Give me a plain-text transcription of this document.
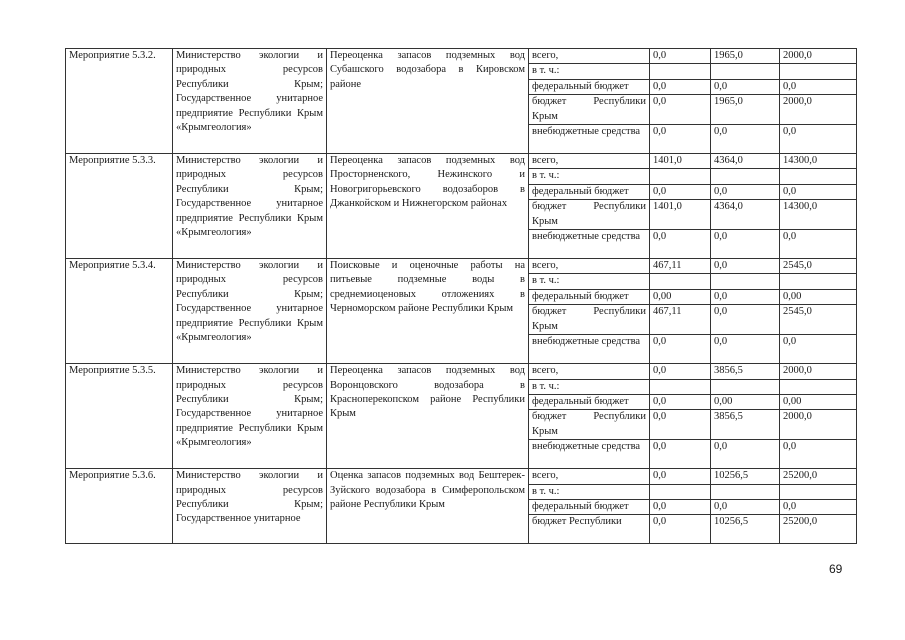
Мероприятие 5.3.2.	Министерство экологии и природных ресурсов Республики Крым; Государственное унитарное предприятие Республики Крым «Крымгеология»	Переоценка запасов подземных вод Субашского водозабора в Кировском районе	всего,	0,0	1965,0	2000,0
			в т. ч.:			
			федеральный бюджет	0,0	0,0	0,0
			бюджет Республики Крым	0,0	1965,0	2000,0
			внебюджетные средства	0,0	0,0	0,0
Мероприятие 5.3.3.	Министерство экологии и природных ресурсов Республики Крым; Государственное унитарное предприятие Республики Крым «Крымгеология»	Переоценка запасов подземных вод Просторненского, Нежинского и Новогригорьевского водозаборов в Джанкойском и Нижнегорском районах	всего,	1401,0	4364,0	14300,0
			в т. ч.:			
			федеральный бюджет	0,0	0,0	0,0
			бюджет Республики Крым	1401,0	4364,0	14300,0
			внебюджетные средства	0,0	0,0	0,0
Мероприятие 5.3.4.	Министерство экологии и природных ресурсов Республики Крым; Государственное унитарное предприятие Республики Крым «Крымгеология»	Поисковые и оценочные работы на питьевые подземные воды в среднемиоценовых отложениях в Черноморском районе Республики Крым	всего,	467,11	0,0	2545,0
			в т. ч.:			
			федеральный бюджет	0,00	0,0	0,00
			бюджет Республики Крым	467,11	0,0	2545,0
			внебюджетные средства	0,0	0,0	0,0
Мероприятие 5.3.5.	Министерство экологии и природных ресурсов Республики Крым; Государственное унитарное предприятие Республики Крым «Крымгеология»	Переоценка запасов подземных вод Воронцовского водозабора в Красноперекопском районе Республики Крым	всего,	0,0	3856,5	2000,0
			в т. ч.:			
			федеральный бюджет	0,0	0,00	0,00
			бюджет Республики Крым	0,0	3856,5	2000,0
			внебюджетные средства	0,0	0,0	0,0
Мероприятие 5.3.6.	Министерство экологии и природных ресурсов Республики Крым; Государственное унитарное	Оценка запасов подземных вод Бештерек-Зуйского водозабора в Симферопольском районе Республики Крым	всего,	0,0	10256,5	25200,0
			в т. ч.:			
			федеральный бюджет	0,0	0,0	0,0
			бюджет Республики	0,0	10256,5	25200,0
69
